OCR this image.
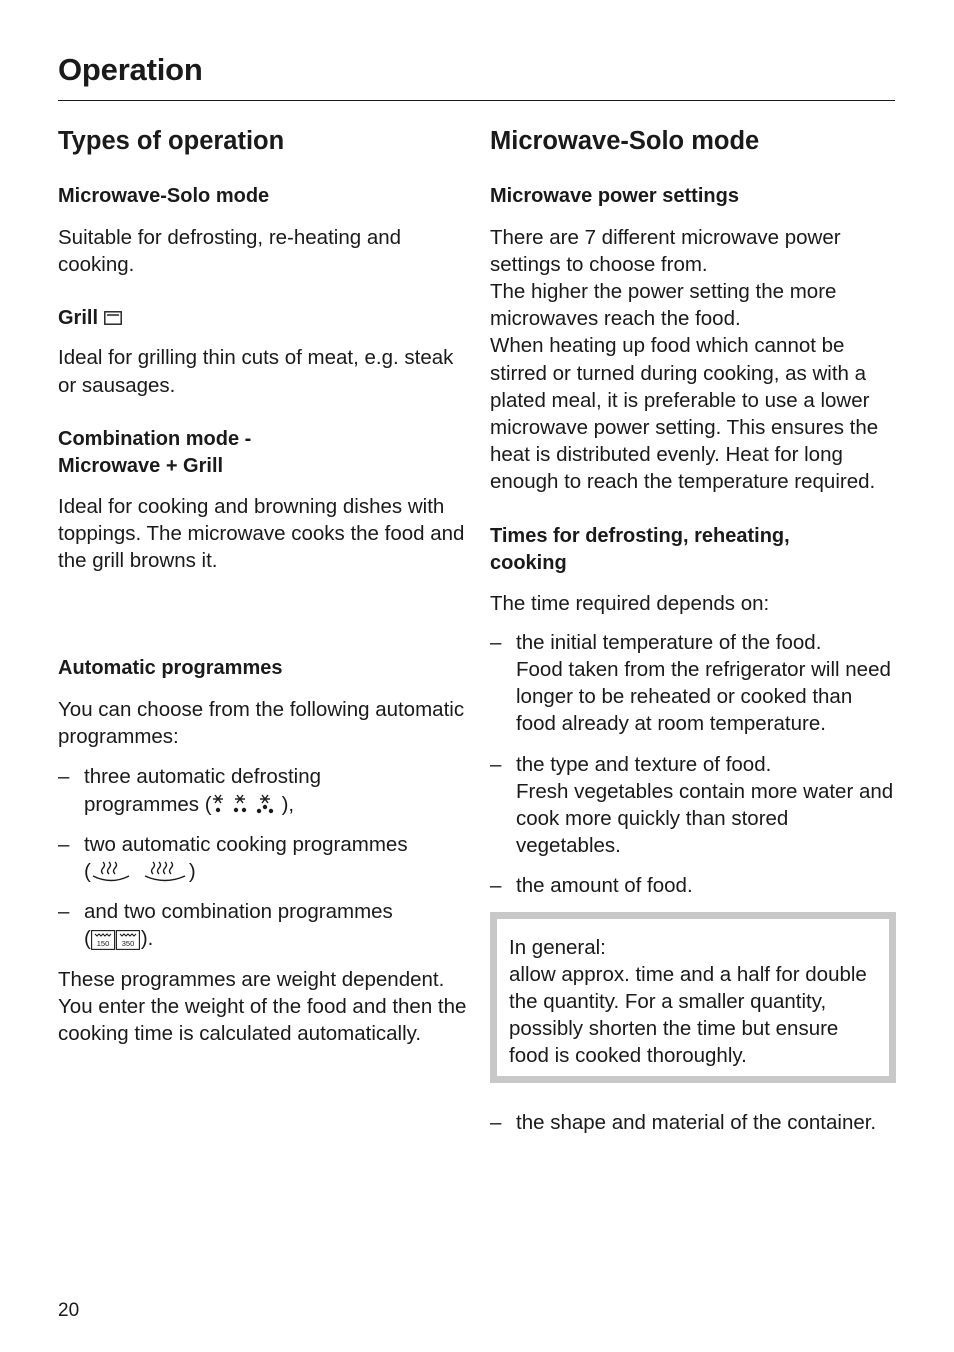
Operation
Types of operation
Microwave-Solo mode

Suitable for defrosting, re-heating and cooking.

Grill

Ideal for grilling thin cuts of meat, e.g. steak or sausages.

Combination mode -
Microwave + Grill

Ideal for cooking and browning dishes with toppings. The microwave cooks the food and the grill browns it.

Automatic programmes

You can choose from the following automatic programmes:

– three automatic defrosting
programmes (	),
– two automatic cooking programmes
(	)
– and two combination programmes
( 150 350 ).

These programmes are weight dependent. You enter the weight of the food and then the cooking time is calculated automatically.

Microwave-Solo mode
Microwave power settings

There are 7 different microwave power settings to choose from.

The higher the power setting the more microwaves reach the food.

When heating up food which cannot be stirred or turned during cooking, as with a plated meal, it is preferable to use a lower microwave power setting. This ensures the heat is distributed evenly. Heat for long enough to reach the temperature required.

Times for defrosting, reheating,
cooking

The time required depends on:

– the initial temperature of the food.
Food taken from the refrigerator will need longer to be reheated or cooked than food already at room temperature.
– the type and texture of food.
Fresh vegetables contain more water and cook more quickly than stored vegetables.
– the amount of food.

In general:

allow approx. time and a half for double the quantity. For a smaller quantity, possibly shorten the time but ensure food is cooked thoroughly.

– the shape and material of the container.
20
